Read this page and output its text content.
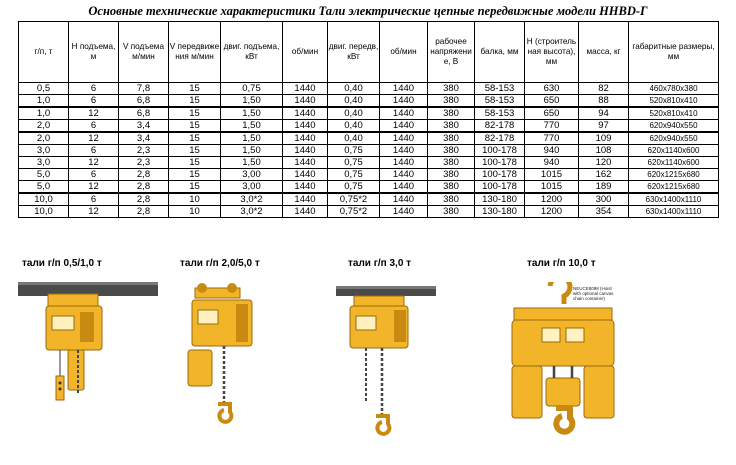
Основные технические характеристики Тали электрические цепные передвижные модели HHBD-Г
г/п, т	Н подъема, м	V подъема м/мин	V передвиже ния м/мин	двиг. подъема, кВт	об/мин	двиг. передв, кВт	об/мин	рабочее напряжени е, В	балка, мм	Н (строитель ная высота), мм	масса, кг	габаритные размеры, мм
0,5	6	7,8	15	0,75	1440	0,40	1440	380	58-153	630	82	460x780x380
1,0	6	6,8	15	1,50	1440	0,40	1440	380	58-153	650	88	520x810x410
1,0	12	6,8	15	1,50	1440	0,40	1440	380	58-153	650	94	520x810x410
2,0	6	3,4	15	1,50	1440	0,40	1440	380	82-178	770	97	620x940x550
2,0	12	3,4	15	1,50	1440	0,40	1440	380	82-178	770	109	620x940x550
3,0	6	2,3	15	1,50	1440	0,75	1440	380	100-178	940	108	620x1140x600
3,0	12	2,3	15	1,50	1440	0,75	1440	380	100-178	940	120	620x1140x600
5,0	6	2,8	15	3,00	1440	0,75	1440	380	100-178	1015	162	620x1215x680
5,0	12	2,8	15	3,00	1440	0,75	1440	380	100-178	1015	189	620x1215x680
10,0	6	2,8	10	3,0*2	1440	0,75*2	1440	380	130-180	1200	300	630x1400x1110
10,0	12	2,8	10	3,0*2	1440	0,75*2	1440	380	130-180	1200	354	630x1400x1110
тали г/п 0,5/1,0 т	тали г/п 2,0/5,0 т	тали г/п 3,0 т	тали г/п 10,0 т
NEUCE8098 (Hoist with optional canvas chain container)
